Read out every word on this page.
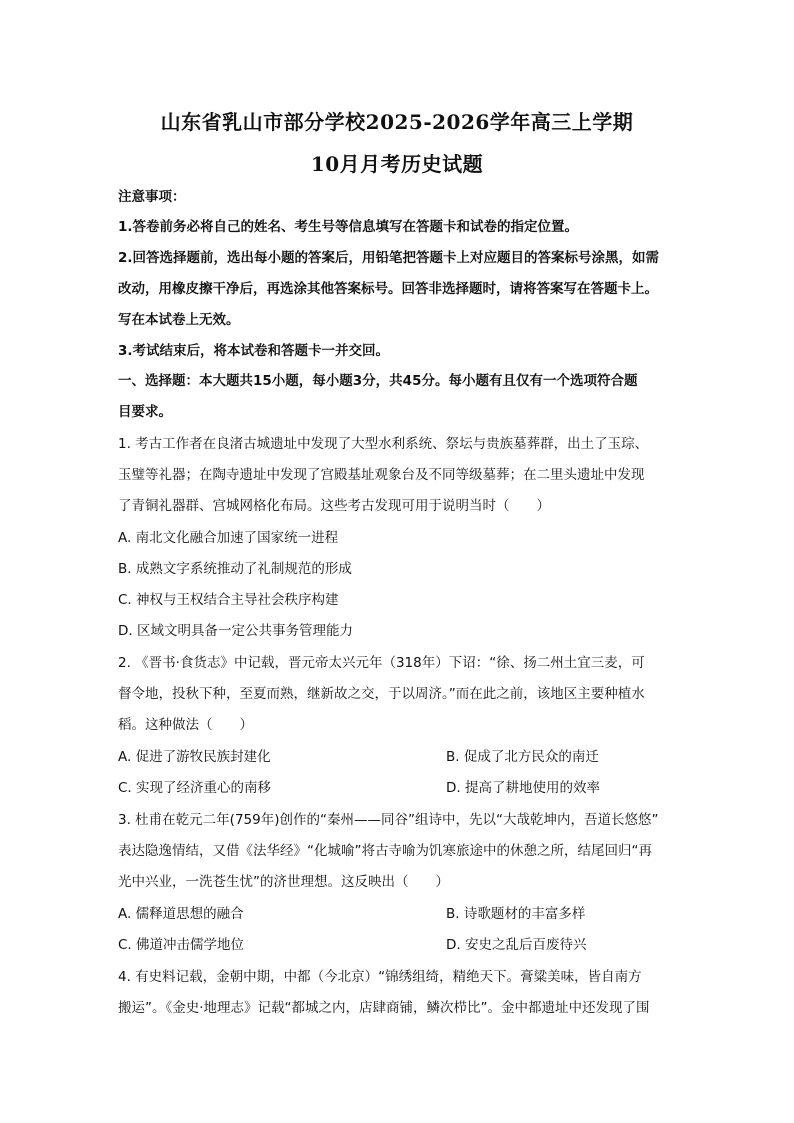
山东省乳山市部分学校2025-2026学年高三上学期
10月月考历史试题
注意事项：
1.答卷前务必将自己的姓名、考生号等信息填写在答题卡和试卷的指定位置。
2.回答选择题前，选出每小题的答案后，用铅笔把答题卡上对应题目的答案标号涂黑，如需
改动，用橡皮擦干净后，再选涂其他答案标号。回答非选择题时，请将答案写在答题卡上。
写在本试卷上无效。
3.考试结束后，将本试卷和答题卡一并交回。
一、选择题：本大题共15小题，每小题3分，共45分。每小题有且仅有一个选项符合题
目要求。
1. 考古工作者在良渚古城遗址中发现了大型水利系统、祭坛与贵族墓葬群，出土了玉琮、
玉璧等礼器；在陶寺遗址中发现了宫殿基址观象台及不同等级墓葬；在二里头遗址中发现
了青铜礼器群、宫城网格化布局。这些考古发现可用于说明当时（　　）
A. 南北文化融合加速了国家统一进程
B. 成熟文字系统推动了礼制规范的形成
C. 神权与王权结合主导社会秩序构建
D. 区域文明具备一定公共事务管理能力
2. 《晋书·食货志》中记载，晋元帝太兴元年（318年）下诏：“徐、扬二州土宜三麦，可
督令地，投秋下种，至夏而熟，继新故之交，于以周济。”而在此之前，该地区主要种植水
稻。这种做法（　　）
A. 促进了游牧民族封建化	B. 促成了北方民众的南迁
C. 实现了经济重心的南移	D. 提高了耕地使用的效率
3. 杜甫在乾元二年(759年)创作的“秦州——同谷”组诗中，先以“大哉乾坤内，吾道长悠悠”
表达隐逸情结，又借《法华经》“化城喻”将古寺喻为饥寒旅途中的休憩之所，结尾回归“再
光中兴业，一洗苍生忧”的济世理想。这反映出（　　）
A. 儒释道思想的融合	B. 诗歌题材的丰富多样
C. 佛道冲击儒学地位	D. 安史之乱后百废待兴
4. 有史料记载，金朝中期，中都（今北京）“锦绣组绮，精绝天下。膏粱美味，皆自南方
搬运”。《金史·地理志》记载“都城之内，店肆商铺，鳞次栉比”。金中都遗址中还发现了围
